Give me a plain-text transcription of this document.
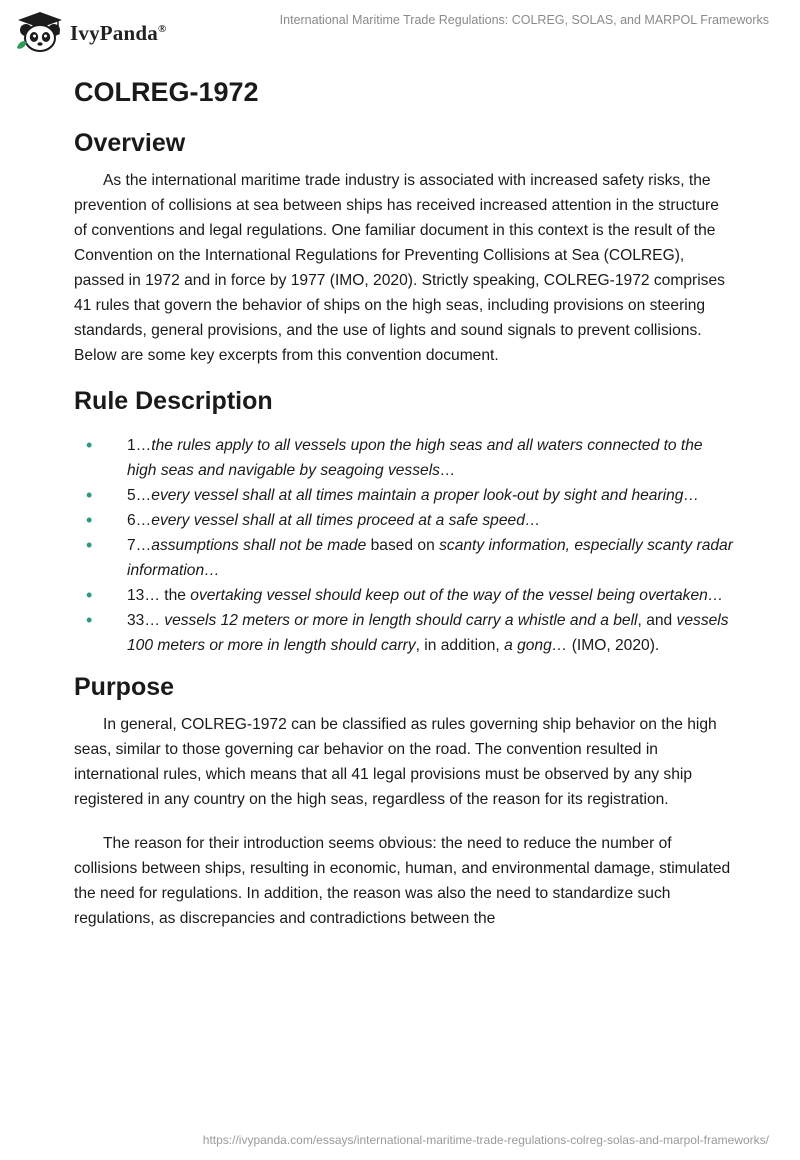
IvyPanda®
International Maritime Trade Regulations: COLREG, SOLAS, and MARPOL Frameworks
COLREG-1972
Overview

As the international maritime trade industry is associated with increased safety risks, the prevention of collisions at sea between ships has received increased attention in the structure of conventions and legal regulations. One familiar document in this context is the result of the Convention on the International Regulations for Preventing Collisions at Sea (COLREG), passed in 1972 and in force by 1977 (IMO, 2020). Strictly speaking, COLREG-1972 comprises 41 rules that govern the behavior of ships on the high seas, including provisions on steering standards, general provisions, and the use of lights and sound signals to prevent collisions. Below are some key excerpts from this convention document.

Rule Description
• 1…the rules apply to all vessels upon the high seas and all waters connected to the high seas and navigable by seagoing vessels…
• 5…every vessel shall at all times maintain a proper look-out by sight and hearing…
• 6…every vessel shall at all times proceed at a safe speed…
• 7…assumptions shall not be made based on scanty information, especially scanty radar information…
• 13… the overtaking vessel should keep out of the way of the vessel being overtaken…
• 33… vessels 12 meters or more in length should carry a whistle and a bell, and vessels 100 meters or more in length should carry, in addition, a gong… (IMO, 2020).
Purpose

In general, COLREG-1972 can be classified as rules governing ship behavior on the high seas, similar to those governing car behavior on the road. The convention resulted in international rules, which means that all 41 legal provisions must be observed by any ship registered in any country on the high seas, regardless of the reason for its registration.

The reason for their introduction seems obvious: the need to reduce the number of collisions between ships, resulting in economic, human, and environmental damage, stimulated the need for regulations. In addition, the reason was also the need to standardize such regulations, as discrepancies and contradictions between the

https://ivypanda.com/essays/international-maritime-trade-regulations-colreg-solas-and-marpol-frameworks/
